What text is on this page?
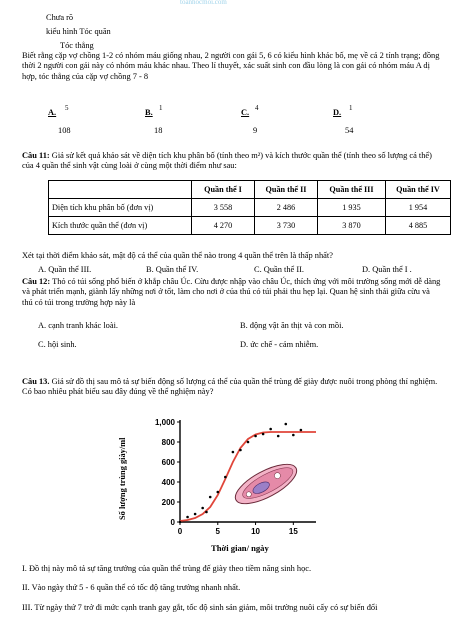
toanhocmoi.com
Chưa rõ
kiểu hình Tóc quăn
Tóc thẳng
Biết rằng cặp vợ chồng 1-2 có nhóm máu giống nhau, 2 người con gái 5, 6 có kiểu hình khác bố, mẹ về cả 2 tính trạng; đồng thời 2 người con gái này có nhóm máu khác nhau. Theo lí thuyết, xác suất sinh con đầu lòng là con gái có nhóm máu A dị hợp, tóc thẳng của cặp vợ chồng 7 - 8
A. 5
108
B. 1
18
C. 4
9
D. 1
54
Câu 11: Giả sử kết quả khảo sát về diện tích khu phân bố (tính theo m²) và kích thước quần thể (tính theo số lượng cá thể) của 4 quần thể sinh vật cùng loài ở cùng một thời điểm như sau:
	Quần thể I	Quần thể II	Quần thể III	Quần thể IV
Diện tích khu phân bố (đơn vị)	3 558	2 486	1 935	1 954
Kích thước quần thể (đơn vị)	4 270	3 730	3 870	4 885
Xét tại thời điểm khảo sát, mật độ cá thể của quần thể nào trong 4 quần thể trên là thấp nhất?
A. Quần thể III.	B. Quần thể IV.	C. Quần thể II.	D. Quần thể I .
Câu 12: Thỏ có túi sống phổ biến ở khắp châu Úc. Cừu được nhập vào châu Úc, thích ứng với môi trường sống mới dễ dàng và phát triển mạnh, giành lấy những nơi ở tốt, làm cho nơi ở của thú có túi phải thu hẹp lại. Quan hệ sinh thái giữa cừu và thú có túi trong trường hợp này là
A. cạnh tranh khác loài.	B. động vật ăn thịt và con mồi.
C. hội sinh.	D. ức chế - cảm nhiễm.
Câu 13. Giả sử đồ thị sau mô tả sự biến động số lượng cá thể của quần thể trùng đế giày được nuôi trong phòng thí nghiệm. Có bao nhiêu phát biểu sau đây đúng về thể nghiệm này?
0
200
400
600
800
1,000
0	5	10	15
Thời gian/ ngày
Số lượng trùng giày/ml
I. Đồ thị này mô tả sự tăng trưởng của quần thể trùng đế giày theo tiềm năng sinh học.
II. Vào ngày thứ 5 - 6 quần thể có tốc độ tăng trưởng nhanh nhất.
III. Từ ngày thứ 7 trở đi mức cạnh tranh gay gắt, tốc độ sinh sản giảm, môi trường nuôi cấy có sự biến đổi
